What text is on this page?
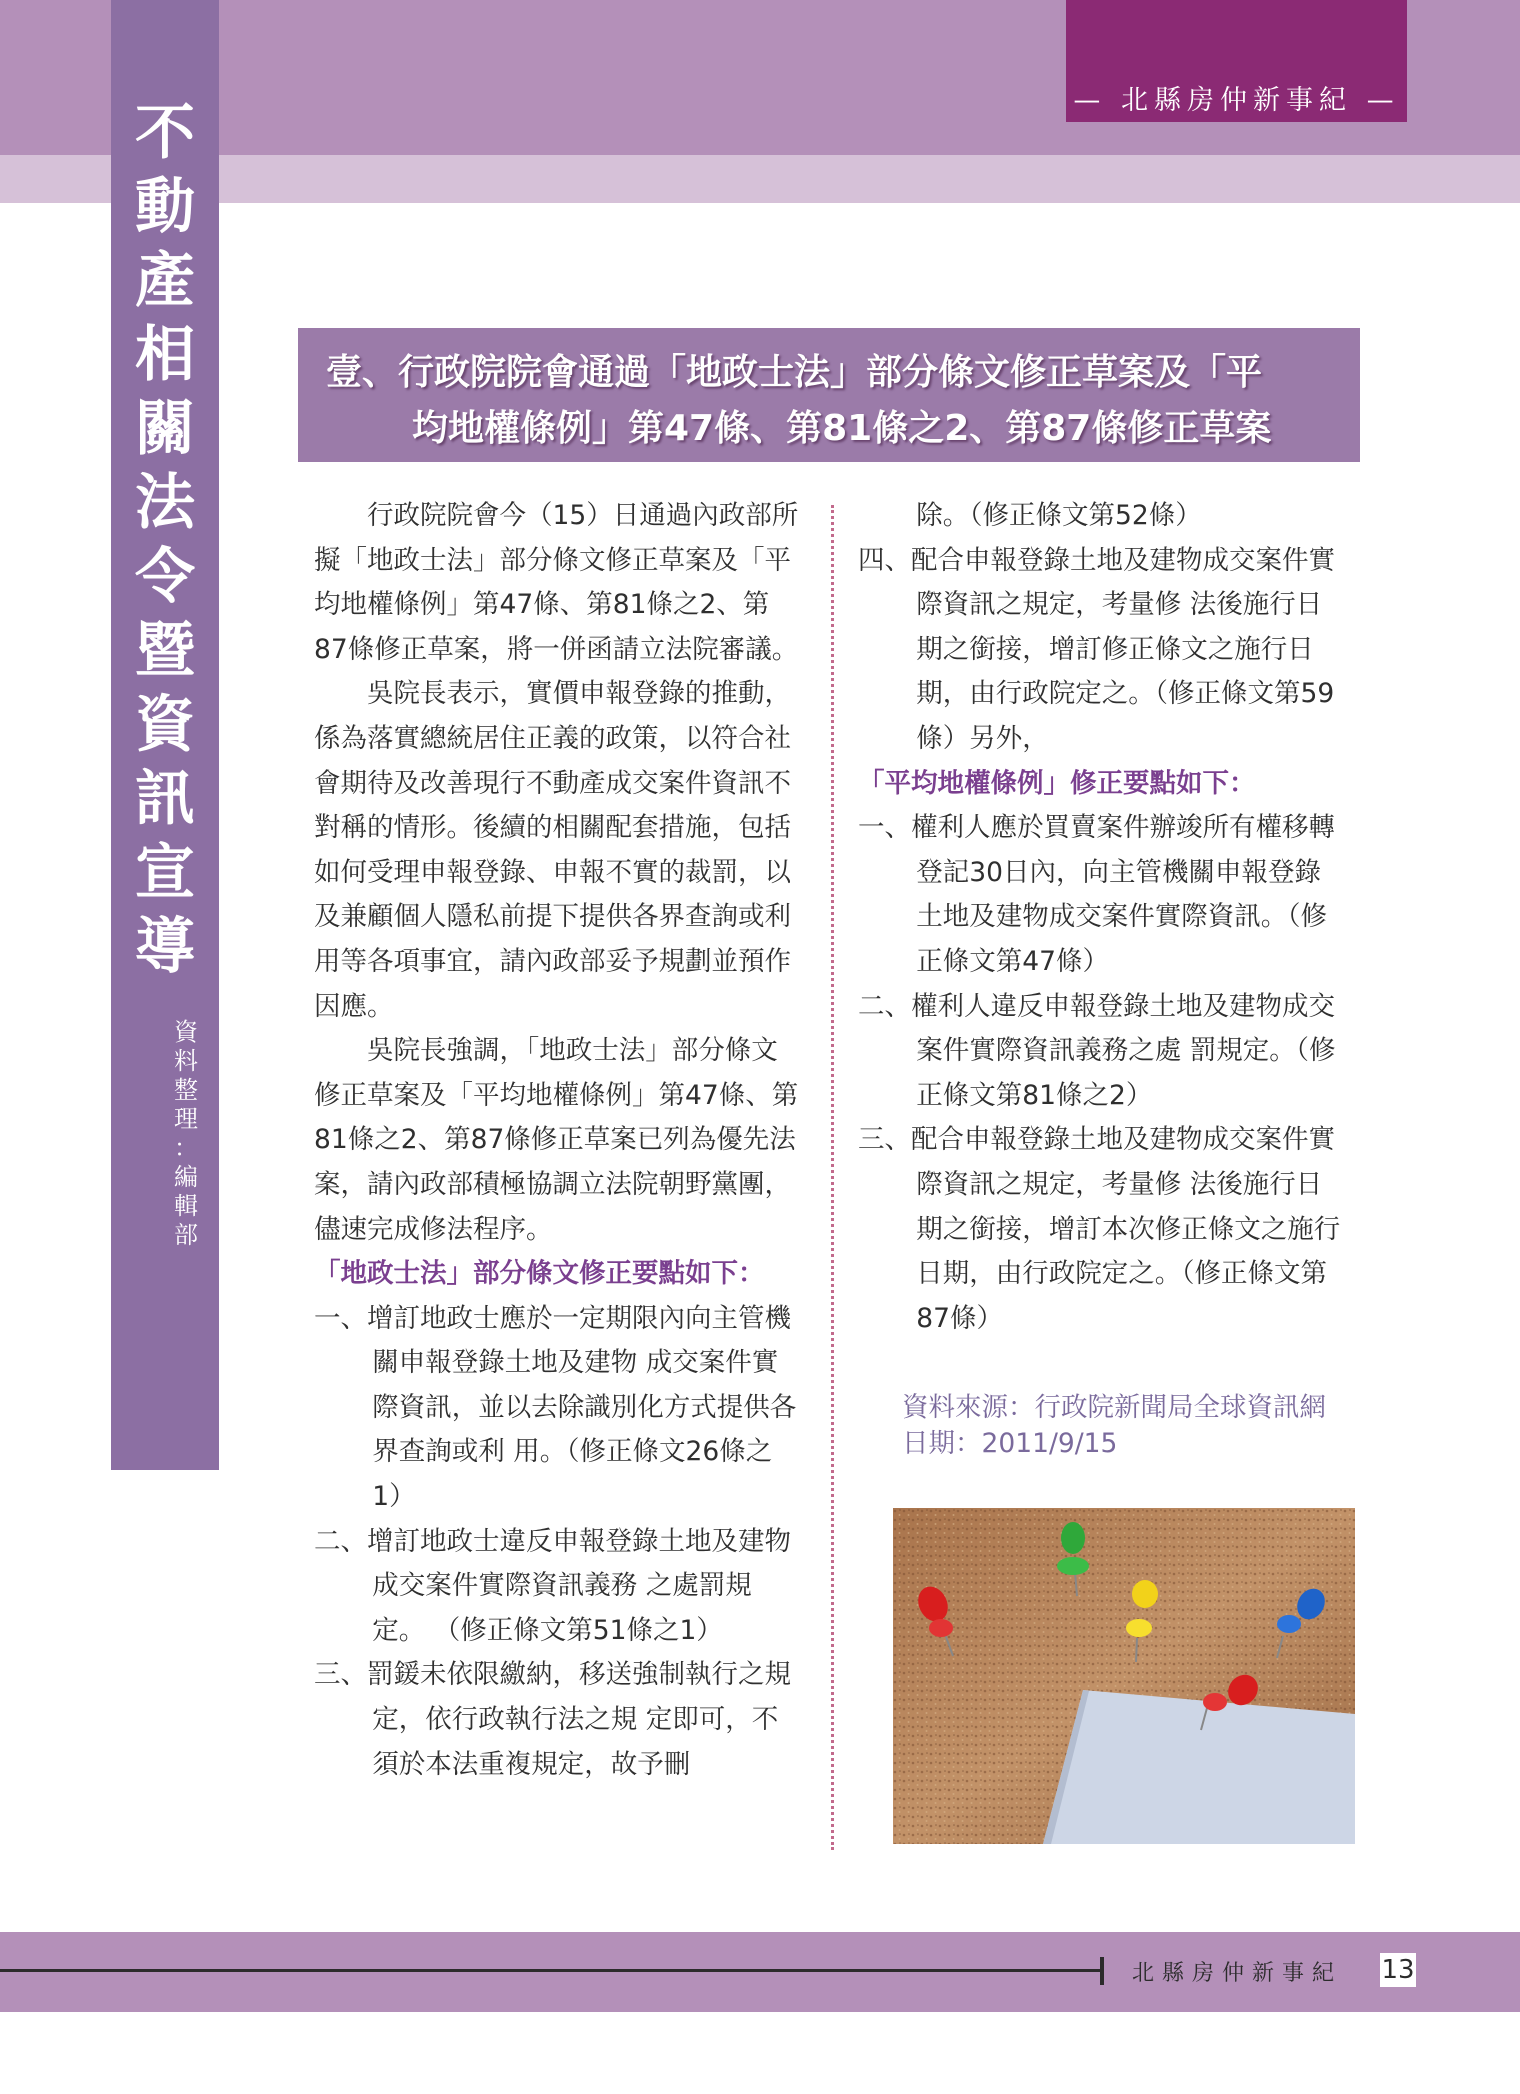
— 北縣房仲新事紀 —
不
動
產
相
關
法
令
暨
資
訊
宣
導
資
料
整
理
：
編
輯
部
壹、行政院院會通過「地政士法」部分條文修正草案及「平
均地權條例」第47條、第81條之2、第87條修正草案

行政院院會今（15）日通過內政部所擬「地政士法」部分條文修正草案及「平均地權條例」第47條、第81條之2、第87條修正草案，將一併函請立法院審議。

吳院長表示，實價申報登錄的推動，係為落實總統居住正義的政策，以符合社會期待及改善現行不動產成交案件資訊不對稱的情形。後續的相關配套措施，包括如何受理申報登錄、申報不實的裁罰，以及兼顧個人隱私前提下提供各界查詢或利用等各項事宜，請內政部妥予規劃並預作因應。

吳院長強調，「地政士法」部分條文修正草案及「平均地權條例」第47條、第81條之2、第87條修正草案已列為優先法案，請內政部積極協調立法院朝野黨團，儘速完成修法程序。

「地政士法」部分條文修正要點如下：

一、增訂地政士應於一定期限內向主管機關申報登錄土地及建物 成交案件實際資訊，並以去除識別化方式提供各界查詢或利 用。（修正條文26條之1）

二、增訂地政士違反申報登錄土地及建物成交案件實際資訊義務 之處罰規定。 （修正條文第51條之1）

三、罰鍰未依限繳納，移送強制執行之規定，依行政執行法之規 定即可，不須於本法重複規定，故予刪

除。（修正條文第52條）

四、配合申報登錄土地及建物成交案件實際資訊之規定，考量修 法後施行日期之銜接，增訂修正條文之施行日期，由行政院定之。（修正條文第59條）另外，

「平均地權條例」修正要點如下：

一、權利人應於買賣案件辦竣所有權移轉登記30日內，向主管機關申報登錄土地及建物成交案件實際資訊。（修正條文第47條）

二、權利人違反申報登錄土地及建物成交案件實際資訊義務之處 罰規定。（修正條文第81條之2）

三、配合申報登錄土地及建物成交案件實際資訊之規定，考量修 法後施行日期之銜接，增訂本次修正條文之施行日期，由行政院定之。（修正條文第87條）

資料來源：行政院新聞局全球資訊網
日期：2011/9/15
北縣房仲新事紀 13
